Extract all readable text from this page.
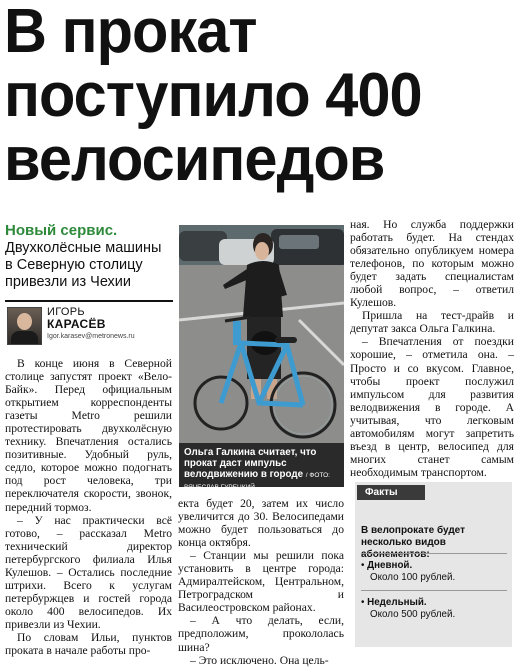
В прокат
поступило 400
велосипедов
Новый сервис.
Двухколёсные машины
в Северную столицу
привезли из Чехии
ИГОРЬ
КАРАСЁВ
Igor.karasev@metronews.ru

В конце июня в Северной столице запустят проект «Вело-Байк». Перед официальным открытием корреспонденты газеты Metro решили протестировать двухколёсную технику. Впечатления остались позитивные. Удобный руль, седло, которое можно подогнать под рост человека, три переключателя скорости, звонок, передний тормоз.

– У нас практически всё готово, – рассказал Metro технический директор петербургского филиала Илья Кулешов. – Остались последние штрихи. Всего к услугам петербуржцев и гостей города около 400 велосипедов. Их привезли из Чехии.

По словам Ильи, пунктов проката в начале работы про-

Ольга Галкина считает, что прокат даст импульс велодвижению в городе / ФОТО: ВЯЧЕСЛАВ ГУРЕЦКИЙ

екта будет 20, затем их число увеличится до 30. Велосипедами можно будет пользоваться до конца октября.

– Станции мы решили пока установить в центре города: Адмиралтейском, Центральном, Петроградском и Василеостровском районах.

– А что делать, если, предположим, прокололась шина?

– Это исключено. Она цель-

ная. Но служба поддержки работать будет. На стендах обязательно опубликуем номера телефонов, по которым можно будет задать специалистам любой вопрос, – ответил Кулешов.

Пришла на тест-драйв и депутат закса Ольга Галкина.

– Впечатления от поездки хорошие, – отметила она. – Просто и со вкусом. Главное, чтобы проект послужил импульсом для развития велодвижения в городе. А учитывая, что легковым автомобилям могут запретить въезд в центр, велосипед для многих станет самым необходимым транспортом.

Факты
В велопрокате будет несколько видов абонементов:
• Дневной.
Около 100 рублей.
• Недельный.
Около 500 рублей.
